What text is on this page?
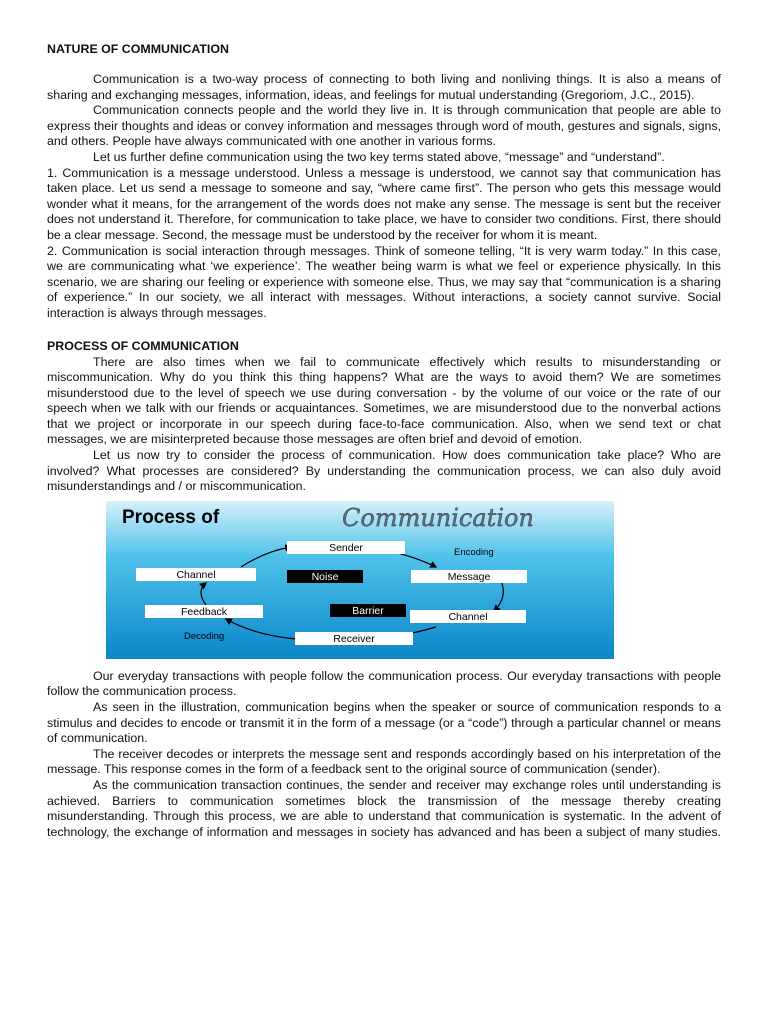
NATURE OF COMMUNICATION

Communication is a two-way process of connecting to both living and nonliving things. It is also a means of sharing and exchanging messages, information, ideas, and feelings for mutual understanding (Gregoriom, J.C., 2015).

Communication connects people and the world they live in. It is through communication that people are able to express their thoughts and ideas or convey information and messages through word of mouth, gestures and signals, signs, and others. People have always communicated with one another in various forms.

Let us further define communication using the two key terms stated above, “message” and “understand”.

1. Communication is a message understood. Unless a message is understood, we cannot say that communication has taken place. Let us send a message to someone and say, “where came first”. The person who gets this message would wonder what it means, for the arrangement of the words does not make any sense. The message is sent but the receiver does not understand it. Therefore, for communication to take place, we have to consider two conditions. First, there should be a clear message. Second, the message must be understood by the receiver for whom it is meant.

2. Communication is social interaction through messages. Think of someone telling, “It is very warm today.” In this case, we are communicating what ‘we experience’. The weather being warm is what we feel or experience physically. In this scenario, we are sharing our feeling or experience with someone else. Thus, we may say that “communication is a sharing of experience.” In our society, we all interact with messages. Without interactions, a society cannot survive. Social interaction is always through messages.

PROCESS OF COMMUNICATION

There are also times when we fail to communicate effectively which results to misunderstanding or miscommunication. Why do you think this thing happens? What are the ways to avoid them? We are sometimes misunderstood due to the level of speech we use during conversation - by the volume of our voice or the rate of our speech when we talk with our friends or acquaintances. Sometimes, we are misunderstood due to the nonverbal actions that we project or incorporate in our speech during face-to-face communication. Also, when we send text or chat messages, we are misinterpreted because those messages are often brief and devoid of emotion.

Let us now try to consider the process of communication. How does communication take place? Who are involved? What processes are considered? By understanding the communication process, we can also duly avoid misunderstandings and / or miscommunication.

Process of	Communication
Sender
Message
Channel
Receiver
Feedback
Channel	Noise
Barrier
Encoding
Decoding

Our everyday transactions with people follow the communication process. Our everyday transactions with people follow the communication process.

As seen in the illustration, communication begins when the speaker or source of communication responds to a stimulus and decides to encode or transmit it in the form of a message (or a “code”) through a particular channel or means of communication.

The receiver decodes or interprets the message sent and responds accordingly based on his interpretation of the message. This response comes in the form of a feedback sent to the original source of communication (sender).

As the communication transaction continues, the sender and receiver may exchange roles until understanding is achieved. Barriers to communication sometimes block the transmission of the message thereby creating misunderstanding. Through this process, we are able to understand that communication is systematic. In the advent of technology, the exchange of information and messages in society has advanced and has been a subject of many studies.
